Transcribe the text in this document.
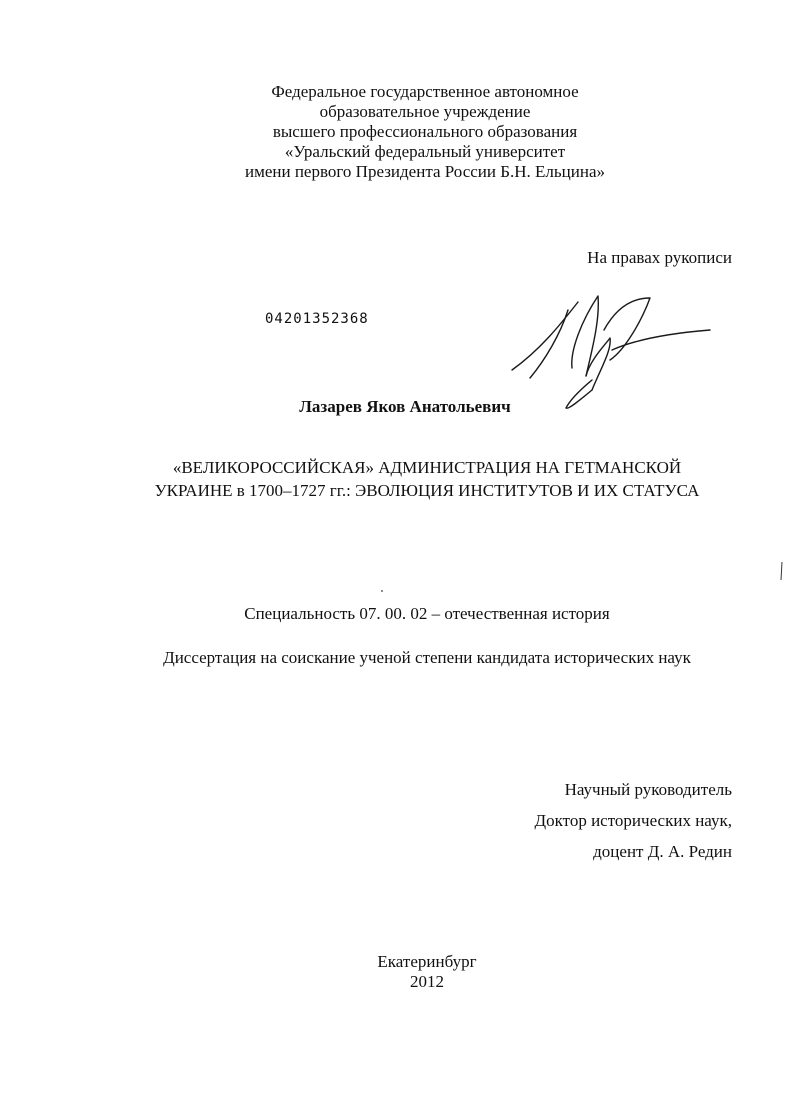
Федеральное государственное автономное
образовательное учреждение
высшего профессионального образования
«Уральский федеральный университет
имени первого Президента России Б.Н. Ельцина»
На правах рукописи
04201352368
Лазарев Яков Анатольевич
«ВЕЛИКОРОССИЙСКАЯ» АДМИНИСТРАЦИЯ НА ГЕТМАНСКОЙ
УКРАИНЕ в 1700–1727 гг.: ЭВОЛЮЦИЯ ИНСТИТУТОВ И ИХ СТАТУСА
Специальность 07. 00. 02 – отечественная история
Диссертация на соискание ученой степени кандидата исторических наук
Научный руководитель
Доктор исторических наук,
доцент Д. А. Редин
Екатеринбург
2012
